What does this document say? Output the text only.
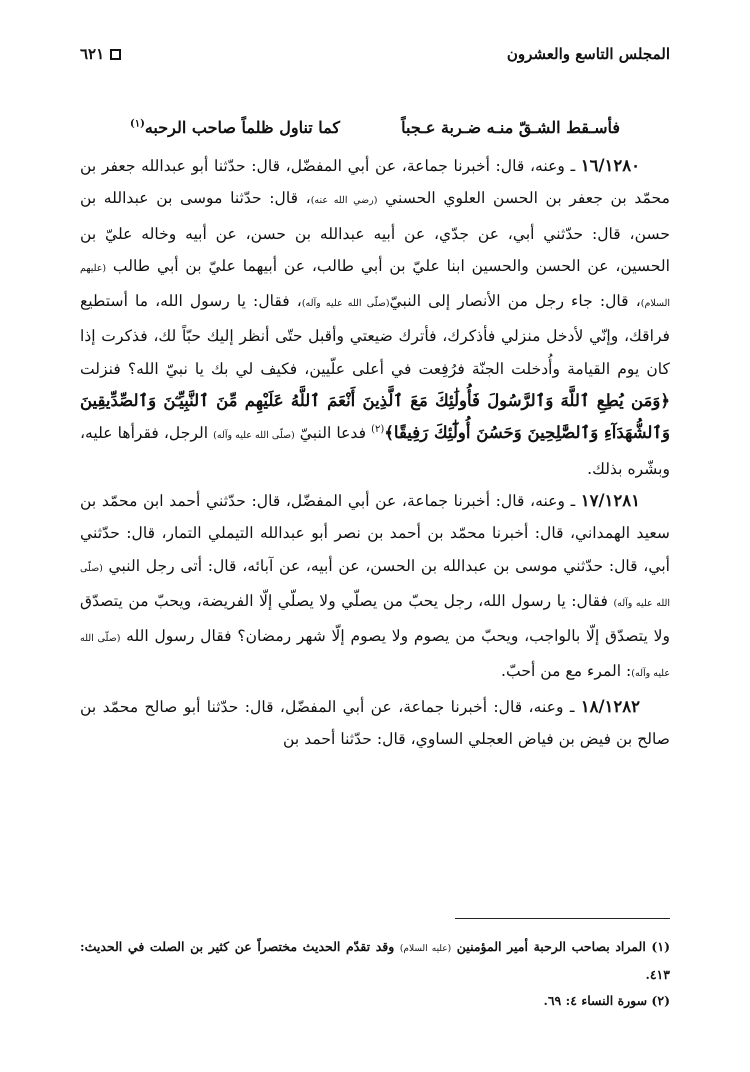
المجلس التاسع والعشرون
٦٢١
فأسـقط الشـقّ منـه ضـربة عـجباً
كما تناول ظلماً صاحب الرحبه$^{(١)}$

١٦/١٢٨٠ ـ وعنه، قال: أخبرنا جماعة، عن أبي المفضّل، قال: حدّثنا أبو عبدالله جعفر بن محمّد بن جعفر بن الحسن العلوي الحسني (رضي الله عنه)، قال: حدّثنا موسى بن عبدالله بن حسن، قال: حدّثني أبي، عن جدّي، عن أبيه عبدالله بن حسن، عن أبيه وخاله عليّ بن الحسين، عن الحسن والحسين ابنا عليّ بن أبي طالب، عن أبيهما عليّ بن أبي طالب (عليهم السلام)، قال: جاء رجل من الأنصار إلى النبيّ(صلّى الله عليه وآله)، فقال: يا رسول الله، ما أستطيع فراقك، وإنّي لأدخل منزلي فأذكرك، فأترك ضيعتي وأقبل حتّى أنظر إليك حبّاً لك، فذكرت إذا كان يوم القيامة وأُدخلت الجنّة فرُفِعت في أعلى علّيين، فكيف لي بك يا نبيّ الله؟ فنزلت ﴿وَمَن يُطِعِ ٱللَّهَ وَٱلرَّسُولَ فَأُولَٰئِكَ مَعَ ٱلَّذِينَ أَنْعَمَ ٱللَّهُ عَلَيْهِم مِّنَ ٱلنَّبِيِّـۧنَ وَٱلصِّدِّيقِينَ وَٱلشُّهَدَآءِ وَٱلصَّٰلِحِينَ وَحَسُنَ أُولَٰٓئِكَ رَفِيقًا﴾$^{(٢)}$ فدعا النبيّ (صلّى الله عليه وآله) الرجل، فقرأها عليه، وبشّره بذلك.

١٧/١٢٨١ ـ وعنه، قال: أخبرنا جماعة، عن أبي المفضّل، قال: حدّثني أحمد ابن محمّد بن سعيد الهمداني، قال: أخبرنا محمّد بن أحمد بن نصر أبو عبدالله التيملي التمار، قال: حدّثني أبي، قال: حدّثني موسى بن عبدالله بن الحسن، عن أبيه، عن آبائه، قال: أتى رجل النبي (صلّى الله عليه وآله) فقال: يا رسول الله، رجل يحبّ من يصلّي ولا يصلّي إلّا الفريضة، ويحبّ من يتصدّق ولا يتصدّق إلّا بالواجب، ويحبّ من يصوم ولا يصوم إلّا شهر رمضان؟ فقال رسول الله (صلّى الله عليه وآله): المرء مع من أحبّ.

١٨/١٢٨٢ ـ وعنه، قال: أخبرنا جماعة، عن أبي المفضّل، قال: حدّثنا أبو صالح محمّد بن صالح بن فيض بن فياض العجلي الساوي، قال: حدّثنا أحمد بن

(١) المراد بصاحب الرحبة أمير المؤمنين (عليه السلام) وقد تقدّم الحديث مختصراً عن كثير بن الصلت في الحديث: ٤١٣.

(٢) سورة النساء ٤: ٦٩.
